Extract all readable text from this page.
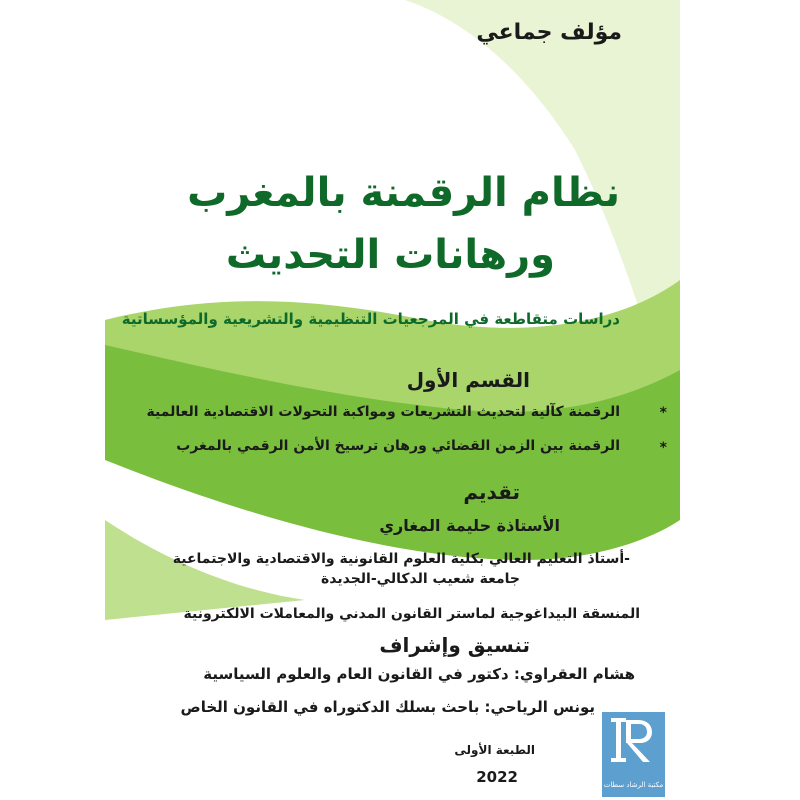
مؤلف جماعي
نظام الرقمنة بالمغرب
ورهانات التحديث
دراسات متقاطعة في المرجعيات التنظيمية والتشريعية والمؤسساتية
القسم الأول
*
الرقمنة كآلية لتحديث التشريعات ومواكبة التحولات الاقتصادية العالمية
*
الرقمنة بين الزمن القضائي ورهان ترسيخ الأمن الرقمي بالمغرب
تقديم
الأستاذة حليمة المغاري
-أستاذ التعليم العالي بكلية العلوم القانونية والاقتصادية والاجتماعية
جامعة شعيب الدكالي-الجديدة
المنسقة البيداغوجية لماستر القانون المدني والمعاملات الالكترونية
تنسيق وإشراف
هشام العقراوي: دكتور في القانون العام والعلوم السياسية
يونس الرياحي: باحث بسلك الدكتوراه في القانون الخاص
الطبعة الأولى
2022	مكتبة الرشاد سطات
